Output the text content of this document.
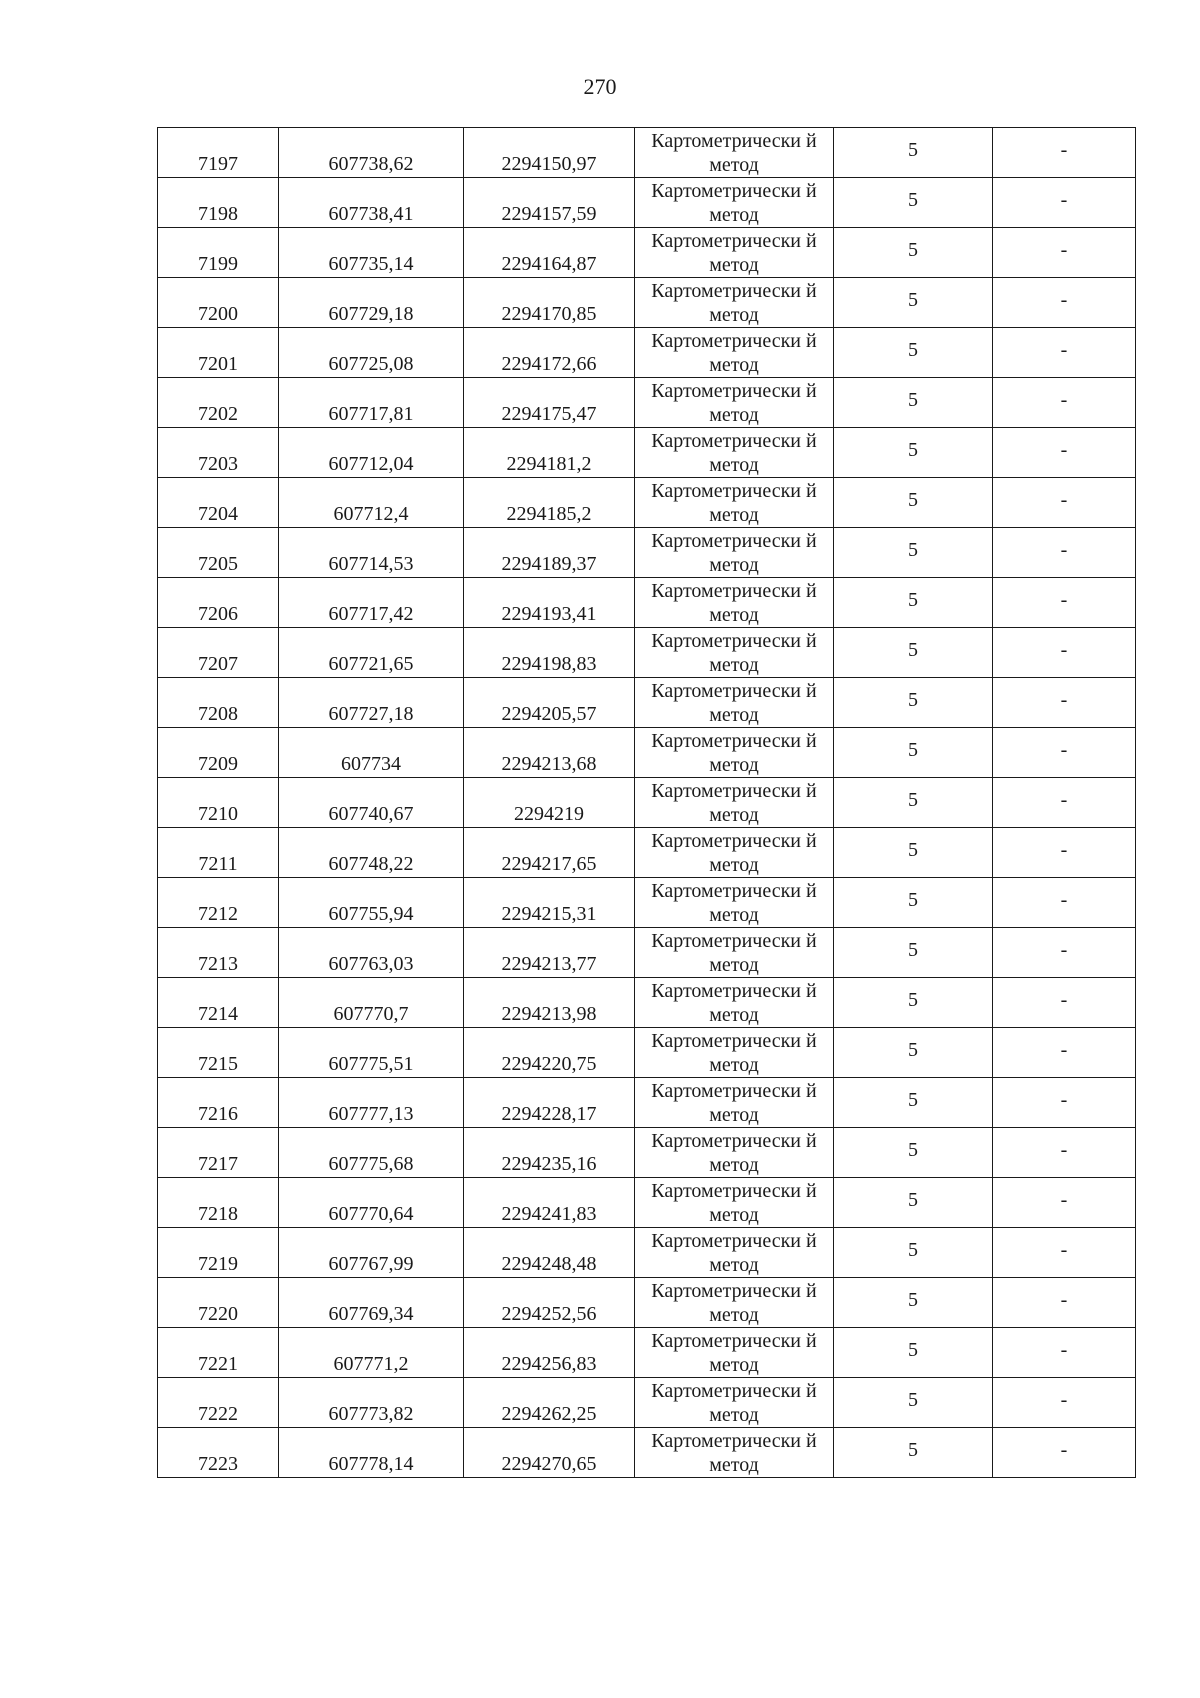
270
7197	607738,62	2294150,97	Картометрически й метод	5	-
7198	607738,41	2294157,59	Картометрически й метод	5	-
7199	607735,14	2294164,87	Картометрически й метод	5	-
7200	607729,18	2294170,85	Картометрически й метод	5	-
7201	607725,08	2294172,66	Картометрически й метод	5	-
7202	607717,81	2294175,47	Картометрически й метод	5	-
7203	607712,04	2294181,2	Картометрически й метод	5	-
7204	607712,4	2294185,2	Картометрически й метод	5	-
7205	607714,53	2294189,37	Картометрически й метод	5	-
7206	607717,42	2294193,41	Картометрически й метод	5	-
7207	607721,65	2294198,83	Картометрически й метод	5	-
7208	607727,18	2294205,57	Картометрически й метод	5	-
7209	607734	2294213,68	Картометрически й метод	5	-
7210	607740,67	2294219	Картометрически й метод	5	-
7211	607748,22	2294217,65	Картометрически й метод	5	-
7212	607755,94	2294215,31	Картометрически й метод	5	-
7213	607763,03	2294213,77	Картометрически й метод	5	-
7214	607770,7	2294213,98	Картометрически й метод	5	-
7215	607775,51	2294220,75	Картометрически й метод	5	-
7216	607777,13	2294228,17	Картометрически й метод	5	-
7217	607775,68	2294235,16	Картометрически й метод	5	-
7218	607770,64	2294241,83	Картометрически й метод	5	-
7219	607767,99	2294248,48	Картометрически й метод	5	-
7220	607769,34	2294252,56	Картометрически й метод	5	-
7221	607771,2	2294256,83	Картометрически й метод	5	-
7222	607773,82	2294262,25	Картометрически й метод	5	-
7223	607778,14	2294270,65	Картометрически й метод	5	-
